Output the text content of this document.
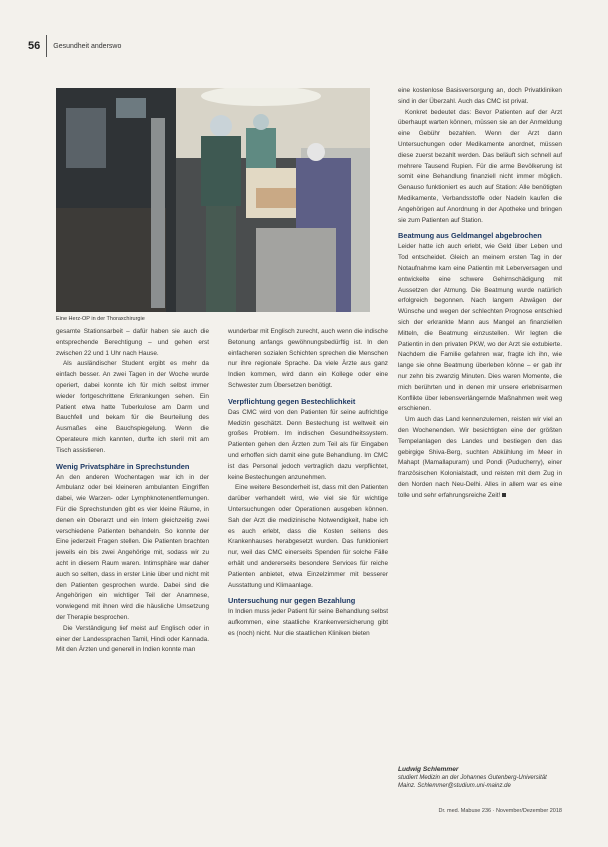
56	Gesundheit anderswo
Eine Herz-OP in der Thoraxchirurgie

gesamte Stationsarbeit – dafür haben sie auch die entsprechende Berechtigung – und gehen erst zwischen 22 und 1 Uhr nach Hause.

Als ausländischer Student ergibt es mehr da einfach besser. An zwei Tagen in der Woche wurde operiert, dabei konnte ich für mich selbst immer wieder fortgeschrittene Erkrankungen sehen. Ein Patient etwa hatte Tuberkulose am Darm und Bauchfell und bekam für die Beurteilung des Ausmaßes eine Bauchspiegelung. Wenn die Operateure mich kannten, durfte ich steril mit am Tisch assistieren.

Wenig Privatsphäre in Sprechstunden

An den anderen Wochentagen war ich in der Ambulanz oder bei kleineren ambulanten Eingriffen dabei, wie Warzen- oder Lymphknotenentfernungen. Für die Sprechstunden gibt es vier kleine Räume, in denen ein Oberarzt und ein Intern gleichzeitig zwei verschiedene Patienten behandeln. So konnte der Eine jederzeit Fragen stellen. Die Patienten brachten jeweils ein bis zwei Angehörige mit, sodass wir zu acht in diesem Raum waren. Intimsphäre war daher auch so selten, dass in erster Linie über und nicht mit den Patienten gesprochen wurde. Dabei sind die Angehörigen ein wichtiger Teil der Anamnese, vorwiegend mit ihnen wird die häusliche Umsetzung der Therapie besprochen.

Die Verständigung lief meist auf Englisch oder in einer der Landessprachen Tamil, Hindi oder Kannada. Mit den Ärzten und generell in Indien konnte man

wunderbar mit Englisch zurecht, auch wenn die indische Betonung anfangs gewöhnungsbedürftig ist. In den einfacheren sozialen Schichten sprechen die Menschen nur ihre regionale Sprache. Da viele Ärzte aus ganz Indien kommen, wird dann ein Kollege oder eine Schwester zum Übersetzen benötigt.

Verpflichtung gegen Bestechlichkeit

Das CMC wird von den Patienten für seine aufrichtige Medizin geschätzt. Denn Bestechung ist weltweit ein großes Problem. Im indischen Gesundheitssystem. Patienten gehen den Ärzten zum Teil als für Eingaben und erhoffen sich damit eine gute Behandlung. Im CMC ist das Personal jedoch vertraglich dazu verpflichtet, keine Bestechungen anzunehmen.

Eine weitere Besonderheit ist, dass mit den Patienten darüber verhandelt wird, wie viel sie für wichtige Untersuchungen oder Operationen ausgeben können. Sah der Arzt die medizinische Notwendigkeit, habe ich es auch erlebt, dass die Kosten seitens des Krankenhauses herabgesetzt wurden. Das funktioniert nur, weil das CMC einerseits Spenden für solche Fälle erhält und andererseits besondere Services für reiche Patienten anbietet, etwa Einzelzimmer mit besserer Ausstattung und Klimaanlage.

Untersuchung nur gegen Bezahlung

In Indien muss jeder Patient für seine Behandlung selbst aufkommen, eine staatliche Krankenversicherung gibt es (noch) nicht. Nur die staatlichen Kliniken bieten

eine kostenlose Basisversorgung an, doch Privatkliniken sind in der Überzahl. Auch das CMC ist privat.

Konkret bedeutet das: Bevor Patienten auf der Arzt überhaupt warten können, müssen sie an der Anmeldung eine Gebühr bezahlen. Wenn der Arzt dann Untersuchungen oder Medikamente anordnet, müssen diese zuerst bezahlt werden. Das beläuft sich schnell auf mehrere Tausend Rupien. Für die arme Bevölkerung ist somit eine Behandlung finanziell nicht immer möglich. Genauso funktioniert es auch auf Station: Alle benötigten Medikamente, Verbandsstoffe oder Nadeln kaufen die Angehörigen auf Anordnung in der Apotheke und bringen sie zum Patienten auf Station.

Beatmung aus Geldmangel abgebrochen

Leider hatte ich auch erlebt, wie Geld über Leben und Tod entscheidet. Gleich an meinem ersten Tag in der Notaufnahme kam eine Patientin mit Leberversagen und entwickelte eine schwere Gehirnschädigung mit Aussetzen der Atmung. Die Beatmung wurde natürlich erfolgreich begonnen. Nach langem Abwägen der Wünsche und wegen der schlechten Prognose entschied sich der erkrankte Mann aus Mangel an finanziellen Mitteln, die Beatmung einzustellen. Wir legten die Patientin in den privaten PKW, wo der Arzt sie extubierte. Nachdem die Familie gefahren war, fragte ich ihn, wie lange sie ohne Beatmung überleben könne – er gab ihr nur zehn bis zwanzig Minuten. Dies waren Momente, die mich berührten und in denen mir unsere erlebnisarmen Konflikte über lebensverlängernde Maßnahmen weit weg erschienen.

Um auch das Land kennenzulernen, reisten wir viel an den Wochenenden. Wir besichtigten eine der größten Tempelanlagen des Landes und bestiegen den das gebirgige Shiva-Berg, suchten Abkühlung im Meer in Mahapt (Mamallapuram) und Pondi (Puducherry), einer französischen Kolonialstadt, und reisten mit dem Zug in den Norden nach Neu-Delhi. Alles in allem war es eine tolle und sehr erfahrungsreiche Zeit!

Ludwig Schlemmer
studiert Medizin an der Johannes Gutenberg-Universität Mainz. Schlemmer@studium.uni-mainz.de
Dr. med. Mabuse 236 · November/Dezember 2018
